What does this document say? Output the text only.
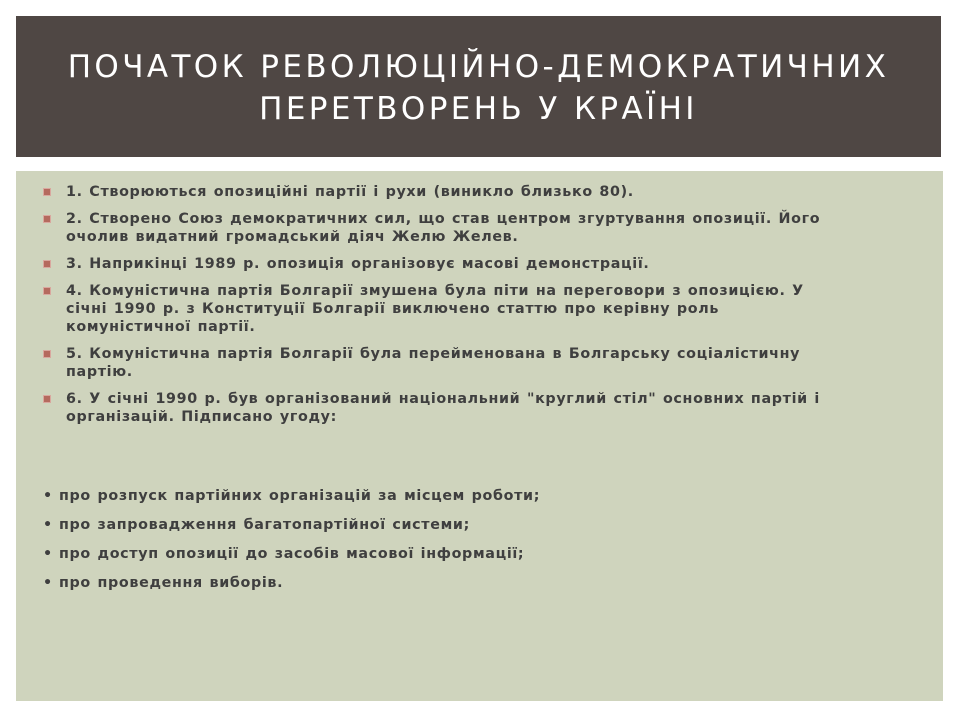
ПОЧАТОК РЕВОЛЮЦІЙНО-ДЕМОКРАТИЧНИХ
ПЕРЕТВОРЕНЬ У КРАЇНІ
1. Створюються опозиційні партії і рухи (виникло близько 80).
2. Створено Союз демократичних сил, що став центром згуртування опозиції. Його
очолив видатний громадський діяч Желю Желев.
3. Наприкінці 1989 р. опозиція організовує масові демонстрації.
4. Комуністична партія Болгарії змушена була піти на переговори з опозицією. У
січні 1990 р. з Конституції Болгарії виключено статтю про керівну роль
комуністичної партії.
5. Комуністична партія Болгарії була перейменована в Болгарську соціалістичну
партію.
6. У січні 1990 р. був організований національний "круглий стіл" основних партій і
організацій. Підписано угоду:
• про розпуск партійних організацій за місцем роботи;
• про запровадження багатопартійної системи;
• про доступ опозиції до засобів масової інформації;
• про проведення виборів.
